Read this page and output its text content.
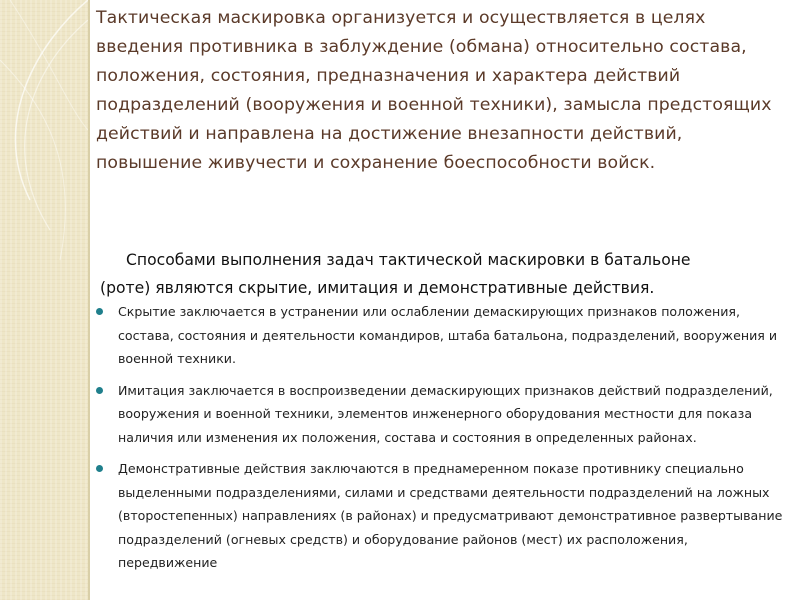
Тактическая маскировка организуется и осуществляется в целях введения противника в заблуждение (обмана) относительно состава, положения, состояния, предназначения и характера действий подразделений (вооружения и военной техники), замысла предстоящих действий и направлена на достижение внезапности действий, повышение живучести и сохранение боеспособности войск.

Способами выполнения задач тактической маскировки в батальоне
(роте) являются скрытие, имитация и демонстративные действия.

Скрытие заключается в устранении или ослаблении демаскирующих признаков положения, состава, состояния и деятельности командиров, штаба батальона, подразделений, вооружения и военной техники.
Имитация заключается в воспроизведении демаскирующих признаков действий подразделений, вооружения и военной техники, элементов инженерного оборудования местности для показа наличия или изменения их положения, состава и состояния в определенных районах.
Демонстративные действия заключаются в преднамеренном показе противнику специально выделенными подразделениями, силами и средствами деятельности подразделений на ложных (второстепенных) направлениях (в районах) и предусматривают демонстративное развертывание подразделений (огневых средств) и оборудование районов (мест) их расположения, передвижение
